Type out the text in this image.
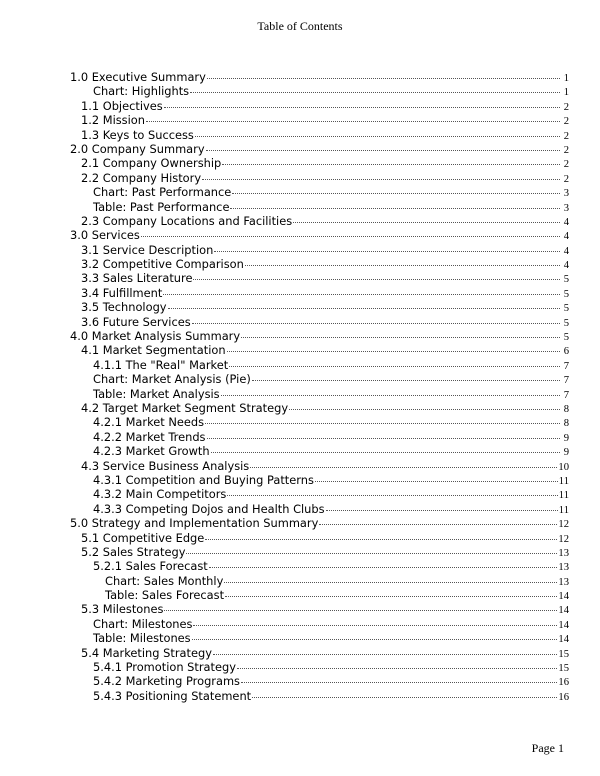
Table of Contents
1.0 Executive Summary	1
Chart: Highlights	1
1.1 Objectives	2
1.2 Mission	2
1.3 Keys to Success	2
2.0 Company Summary	2
2.1 Company Ownership	2
2.2 Company History	2
Chart: Past Performance	3
Table: Past Performance	3
2.3 Company Locations and Facilities	4
3.0 Services	4
3.1 Service Description	4
3.2 Competitive Comparison	4
3.3 Sales Literature	5
3.4 Fulfillment	5
3.5 Technology	5
3.6 Future Services	5
4.0 Market Analysis Summary	5
4.1 Market Segmentation	6
4.1.1 The "Real" Market	7
Chart: Market Analysis (Pie)	7
Table: Market Analysis	7
4.2 Target Market Segment Strategy	8
4.2.1 Market Needs	8
4.2.2 Market Trends	9
4.2.3 Market Growth	9
4.3 Service Business Analysis	10
4.3.1 Competition and Buying Patterns	11
4.3.2 Main Competitors	11
4.3.3 Competing Dojos and Health Clubs	11
5.0 Strategy and Implementation Summary	12
5.1 Competitive Edge	12
5.2 Sales Strategy	13
5.2.1 Sales Forecast	13
Chart: Sales Monthly	13
Table: Sales Forecast	14
5.3 Milestones	14
Chart: Milestones	14
Table: Milestones	14
5.4 Marketing Strategy	15
5.4.1 Promotion Strategy	15
5.4.2 Marketing Programs	16
5.4.3 Positioning Statement	16
Page 1
